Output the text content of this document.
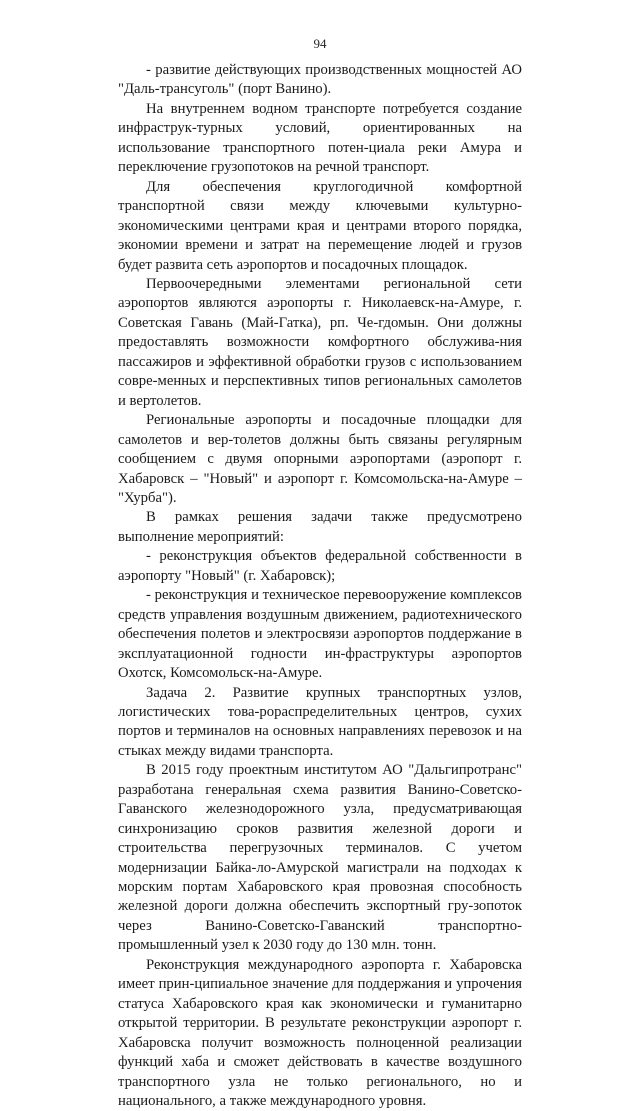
94

- развитие действующих производственных мощностей АО "Даль-трансуголь" (порт Ванино).

На внутреннем водном транспорте потребуется создание инфраструк-турных условий, ориентированных на использование транспортного потен-циала реки Амура и переключение грузопотоков на речной транспорт.

Для обеспечения круглогодичной комфортной транспортной связи между ключевыми культурно-экономическими центрами края и центрами второго порядка, экономии времени и затрат на перемещение людей и грузов будет развита сеть аэропортов и посадочных площадок.

Первоочередными элементами региональной сети аэропортов являются аэропорты г. Николаевск-на-Амуре, г. Советская Гавань (Май-Гатка), рп. Че-гдомын. Они должны предоставлять возможности комфортного обслужива-ния пассажиров и эффективной обработки грузов с использованием совре-менных и перспективных типов региональных самолетов и вертолетов.

Региональные аэропорты и посадочные площадки для самолетов и вер-толетов должны быть связаны регулярным сообщением с двумя опорными аэропортами (аэропорт г. Хабаровск – "Новый" и аэропорт г. Комсомольска-на-Амуре – "Хурба").

В рамках решения задачи также предусмотрено выполнение мероприятий:

- реконструкция объектов федеральной собственности в аэропорту "Новый" (г. Хабаровск);

- реконструкция и техническое перевооружение комплексов средств управления воздушным движением, радиотехнического обеспечения полетов и электросвязи аэропортов поддержание в эксплуатационной годности ин-фраструктуры аэропортов Охотск, Комсомольск-на-Амуре.

Задача 2. Развитие крупных транспортных узлов, логистических това-рораспределительных центров, сухих портов и терминалов на основных направлениях перевозок и на стыках между видами транспорта.

В 2015 году проектным институтом АО "Дальгипротранс" разработана генеральная схема развития Ванино-Советско-Гаванского железнодорожного узла, предусматривающая синхронизацию сроков развития железной дороги и строительства перегрузочных терминалов. С учетом модернизации Байка-ло-Амурской магистрали на подходах к морским портам Хабаровского края провозная способность железной дороги должна обеспечить экспортный гру-зопоток через Ванино-Советско-Гаванский транспортно-промышленный узел к 2030 году до 130 млн. тонн.

Реконструкция международного аэропорта г. Хабаровска имеет прин-ципиальное значение для поддержания и упрочения статуса Хабаровского края как экономически и гуманитарно открытой территории. В результате реконструкции аэропорт г. Хабаровска получит возможность полноценной реализации функций хаба и сможет действовать в качестве воздушного транспортного узла не только регионального, но и национального, а также международного уровня.
